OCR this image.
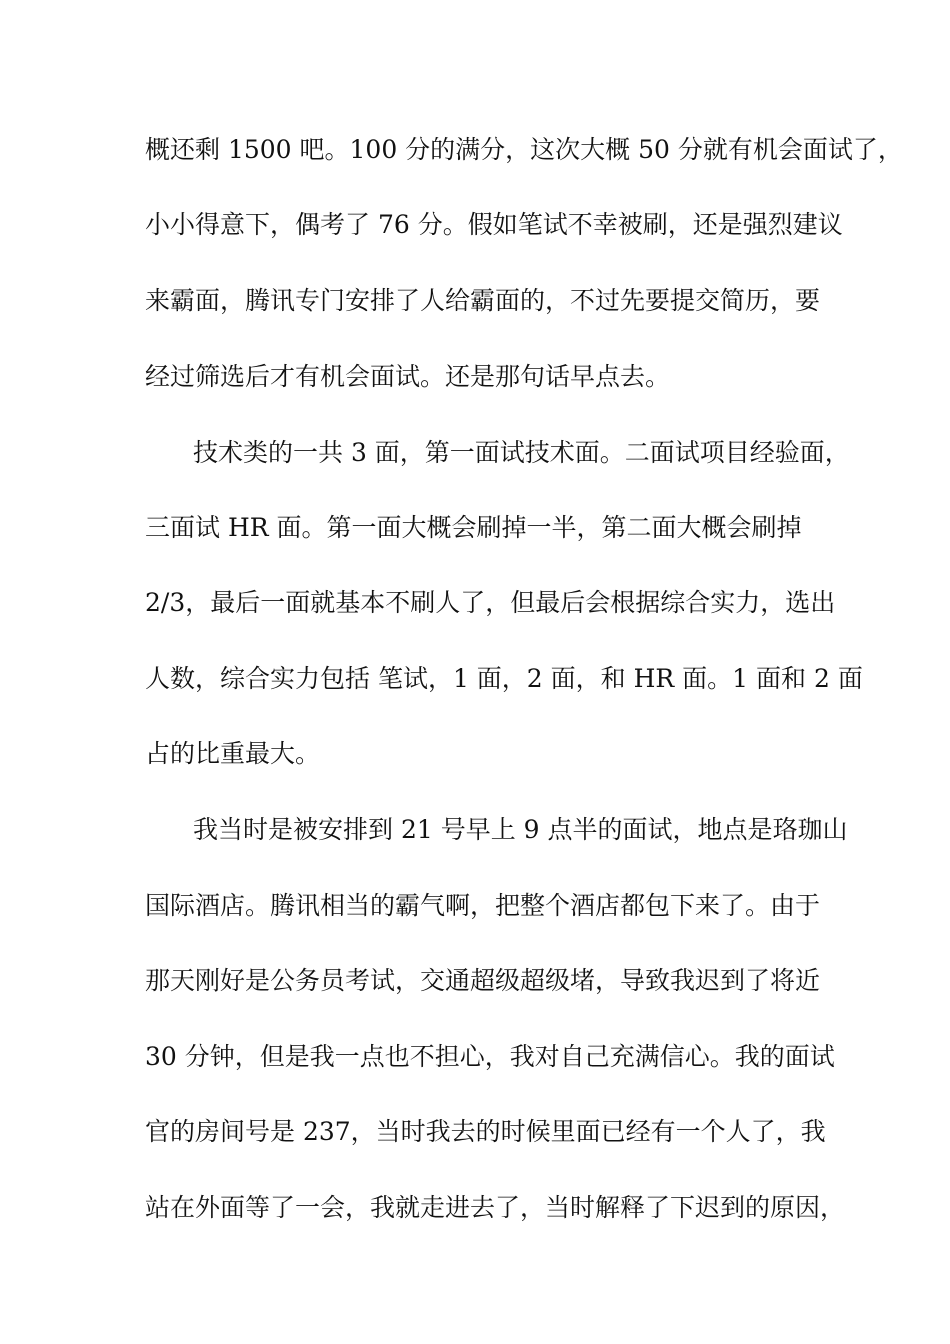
概还剩 1500 吧。100 分的满分，这次大概 50 分就有机会面试了，
小小得意下，偶考了 76 分。假如笔试不幸被刷，还是强烈建议
来霸面，腾讯专门安排了人给霸面的，不过先要提交简历，要
经过筛选后才有机会面试。还是那句话早点去。
技术类的一共 3 面，第一面试技术面。二面试项目经验面，
三面试 HR 面。第一面大概会刷掉一半，第二面大概会刷掉
2/3，最后一面就基本不刷人了，但最后会根据综合实力，选出
人数，综合实力包括 笔试，1 面，2 面，和 HR 面。1 面和 2 面
占的比重最大。
我当时是被安排到 21 号早上 9 点半的面试，地点是珞珈山
国际酒店。腾讯相当的霸气啊，把整个酒店都包下来了。由于
那天刚好是公务员考试，交通超级超级堵，导致我迟到了将近
30 分钟，但是我一点也不担心，我对自己充满信心。我的面试
官的房间号是 237，当时我去的时候里面已经有一个人了，我
站在外面等了一会，我就走进去了，当时解释了下迟到的原因，
